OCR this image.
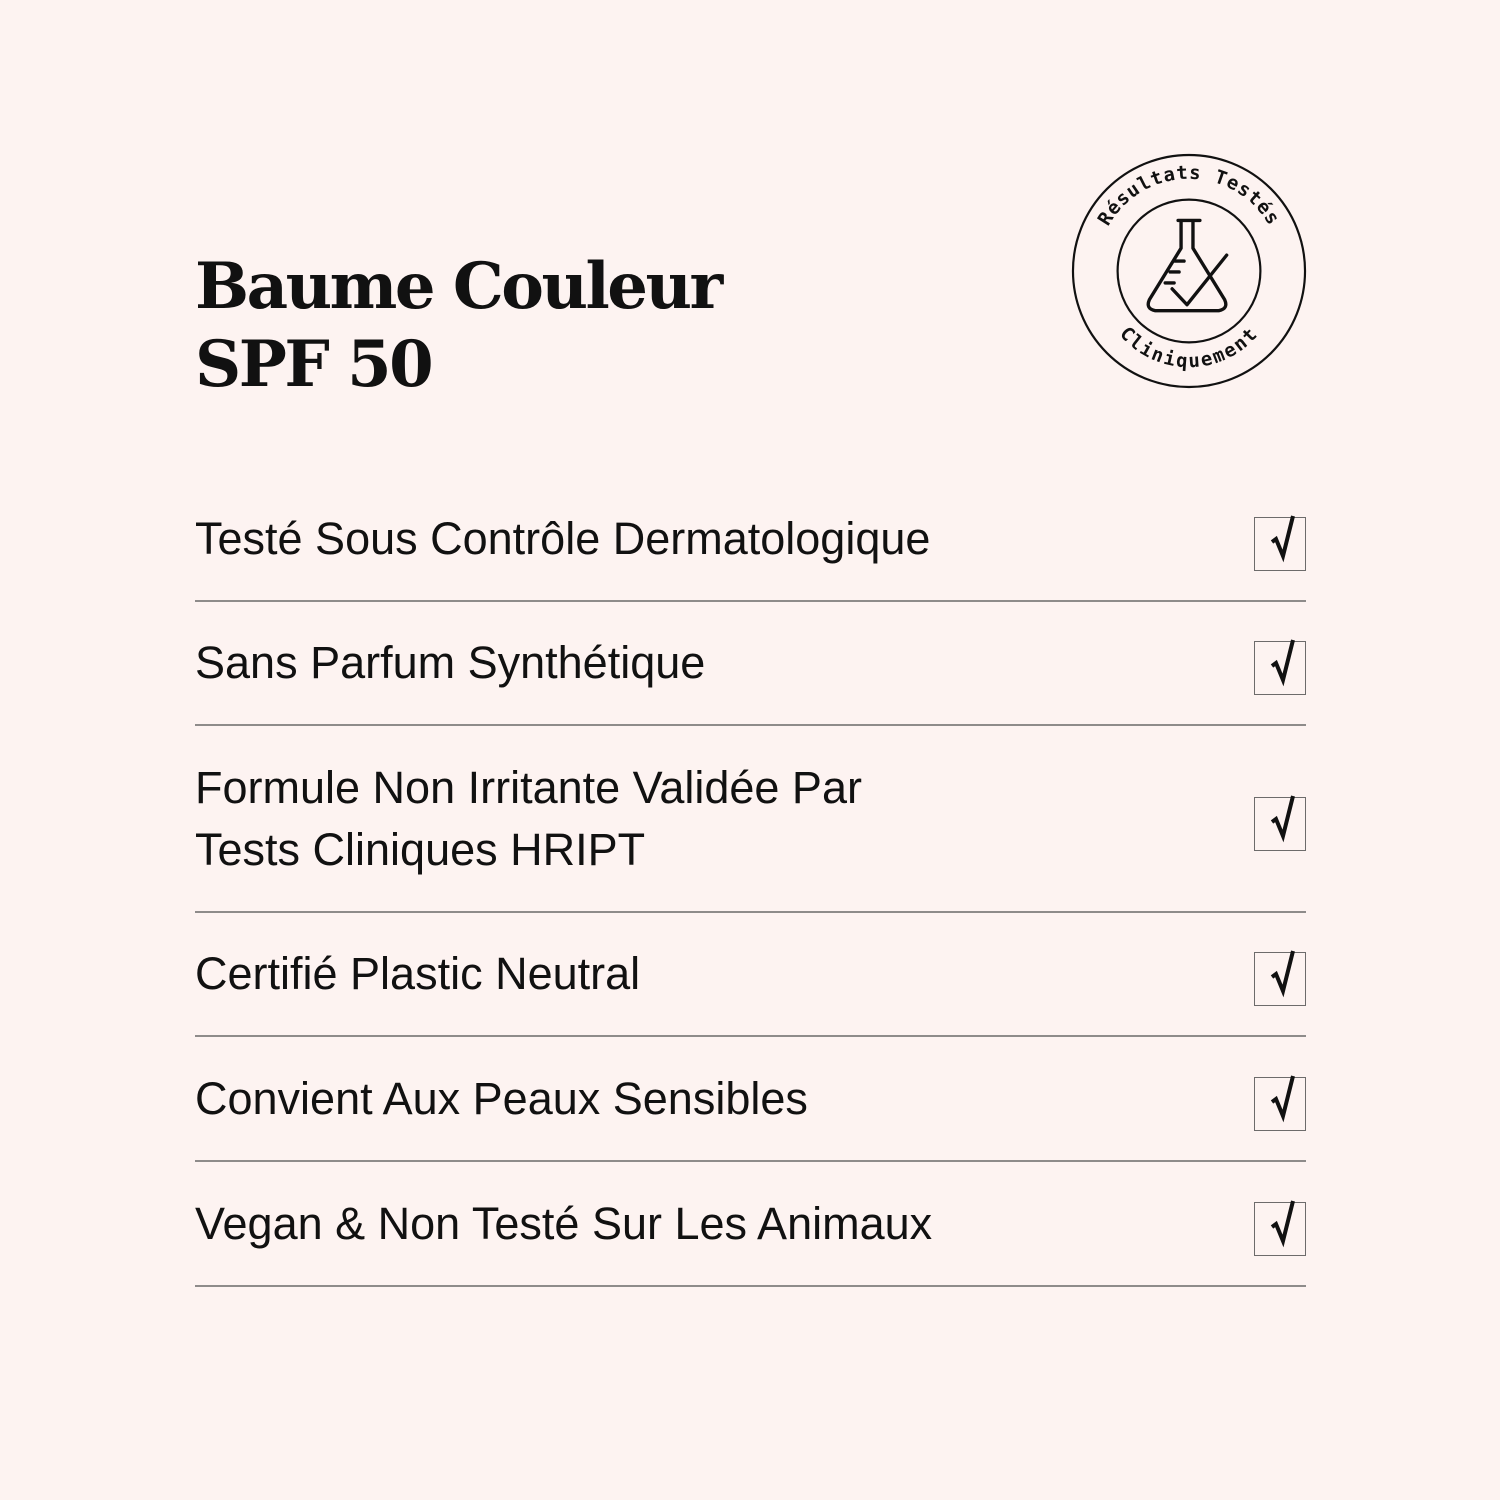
Baume Couleur
SPF 50
Résultats Testés
Cliniquement
Testé Sous Contrôle Dermatologique
Sans Parfum Synthétique
Formule Non Irritante Validée Par
Tests Cliniques HRIPT
Certifié Plastic Neutral
Convient Aux Peaux Sensibles
Vegan & Non Testé Sur Les Animaux
